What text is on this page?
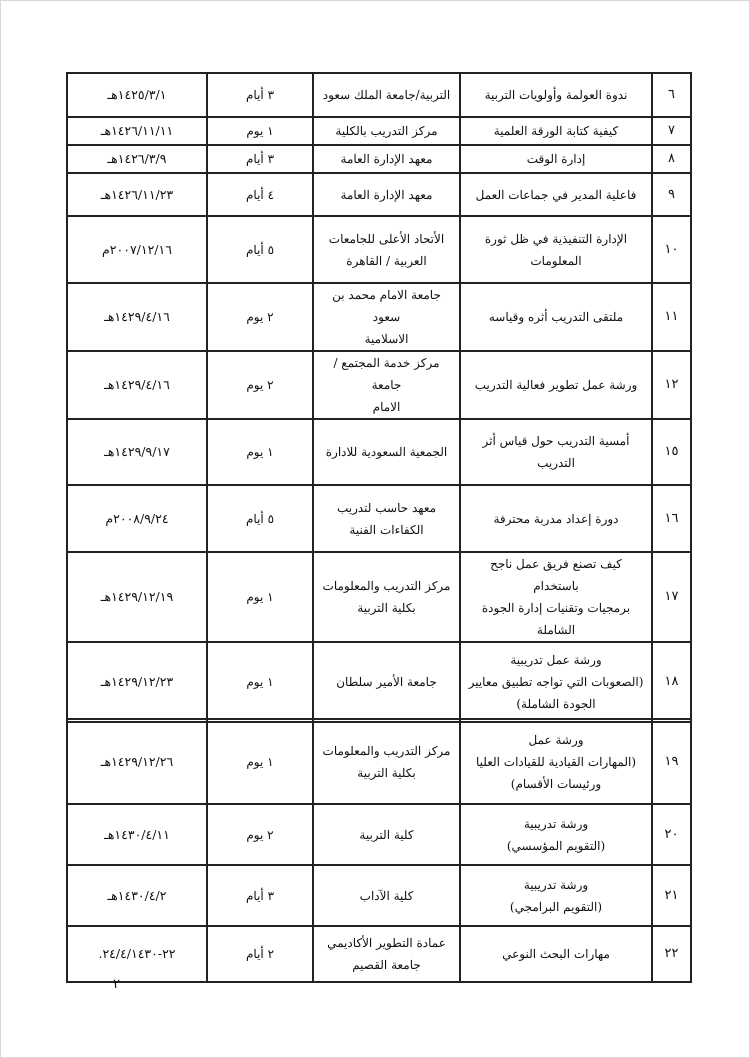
٦	ندوة العولمة وأولويات التربية	التربية/جامعة الملك سعود	٣ أيام	١٤٢٥/٣/١هـ
٧	كيفية كتابة الورقة العلمية	مركز التدريب بالكلية	١ يوم	١٤٢٦/١١/١١هـ
٨	إدارة الوقت	معهد الإدارة العامة	٣ أيام	١٤٢٦/٣/٩هـ
٩	فاعلية المدير في جماعات العمل	معهد الإدارة العامة	٤ أيام	١٤٢٦/١١/٢٣هـ
١٠	الإدارة التنفيذية في ظل ثورة المعلومات	الأتحاد الأعلى للجامعات
العربية / القاهرة	٥ أيام	٢٠٠٧/١٢/١٦م
١١	ملتقى التدريب أثره وقياسه	جامعة الامام محمد بن سعود
الاسلامية	٢ يوم	١٤٢٩/٤/١٦هـ
١٢	ورشة عمل تطوير فعالية التدريب	مركز خدمة المجتمع /جامعة
الامام	٢ يوم	١٤٢٩/٤/١٦هـ
١٥	أمسية التدريب حول قياس أثر التدريب	الجمعية السعودية للادارة	١ يوم	١٤٢٩/٩/١٧هـ
١٦	دورة إعداد مدربة محترفة	معهد حاسب لتدريب
الكفاءات الفنية	٥ أيام	٢٠٠٨/٩/٢٤م
١٧	كيف تصنع فريق عمل ناجح باستخدام
برمجيات وتقنيات إدارة الجودة الشاملة	مركز التدريب والمعلومات
بكلية التربية	١ يوم	١٤٢٩/١٢/١٩هـ
١٨	ورشة عمل تدريبية
(الصعوبات التي تواجه تطبيق معايير
الجودة الشاملة)	جامعة الأمير سلطان	١ يوم	١٤٢٩/١٢/٢٣هـ
١٩	ورشة عمل
(المهارات القيادية للقيادات العليا
ورئيسات الأقسام)	مركز التدريب والمعلومات
بكلية التربية	١ يوم	١٤٢٩/١٢/٢٦هـ
٢٠	ورشة تدريبية
(التقويم المؤسسي)	كلية التربية	٢ يوم	١٤٣٠/٤/١١هـ
٢١	ورشة تدريبية
(التقويم البرامجي)	كلية الآداب	٣ أيام	١٤٣٠/٤/٢هـ
٢٢	مهارات البحث النوعي	عمادة التطوير الأكاديمي
جامعة القصيم	٢ أيام	٢٢-٢٤/٤/١٤٣٠.
٢
